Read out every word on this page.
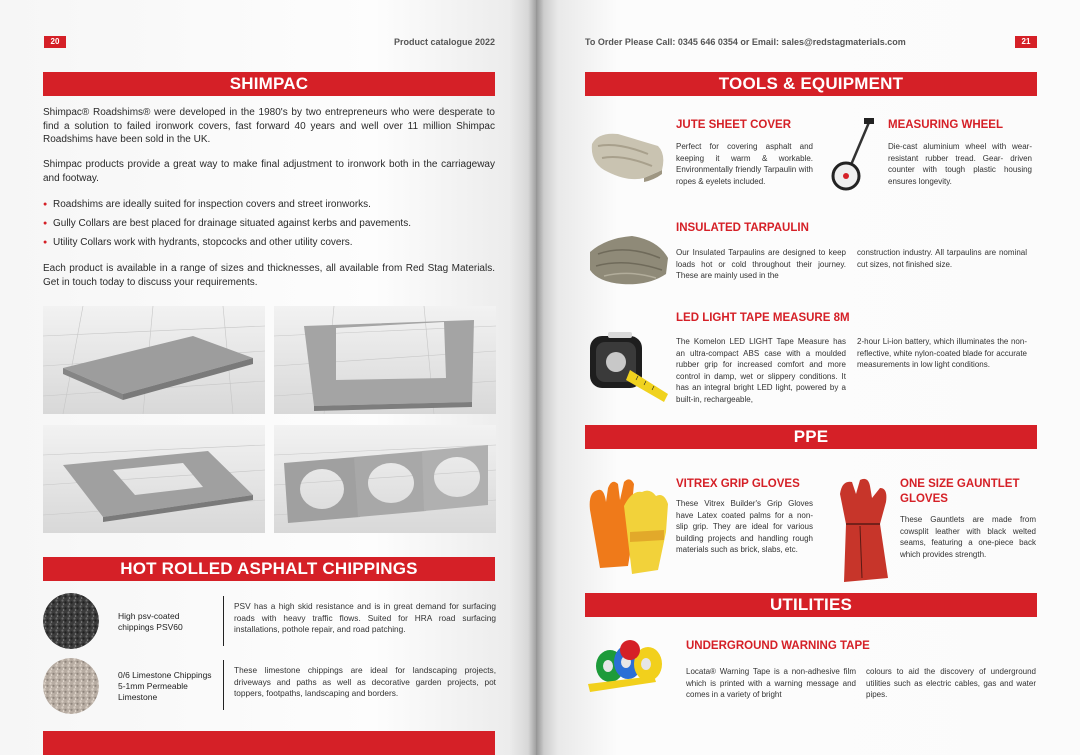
20	Product catalogue 2022
SHIMPAC
Shimpac® Roadshims® were developed in the 1980's by two entrepreneurs who were desperate to find a solution to failed ironwork covers, fast forward 40 years and well over 11 million Shimpac Roadshims have been sold in the UK.
Shimpac products provide a great way to make final adjustment to ironwork both in the carriageway and footway.
● Roadshims are ideally suited for inspection covers and street ironworks.
● Gully Collars are best placed for drainage situated against kerbs and pavements.
● Utility Collars work with hydrants, stopcocks and other utility covers.
Each product is available in a range of sizes and thicknesses, all available from Red Stag Materials. Get in touch today to discuss your requirements.
HOT ROLLED ASPHALT CHIPPINGS
High psv-coated chippings PSV60
PSV has a high skid resistance and is in great demand for surfacing roads with heavy traffic flows. Suited for HRA road surfacing installations, pothole repair, and road patching.
0/6 Limestone Chippings 5-1mm Permeable Limestone
These limestone chippings are ideal for landscaping projects, driveways and paths as well as decorative garden projects, pot toppers, footpaths, landscaping and borders.
To Order Please Call: 0345 646 0354 or Email: sales@redstagmaterials.com	21
TOOLS & EQUIPMENT
JUTE SHEET COVER
Perfect for covering asphalt and keeping it warm & workable. Environmentally friendly Tarpaulin with ropes & eyelets included.
MEASURING WHEEL
Die-cast aluminium wheel with wear-resistant rubber tread. Gear- driven counter with tough plastic housing ensures longevity.
INSULATED TARPAULIN
Our Insulated Tarpaulins are designed to keep loads hot or cold throughout their journey. These are mainly used in the
construction industry. All tarpaulins are nominal cut sizes, not finished size.
LED LIGHT TAPE MEASURE 8M
The Komelon LED LIGHT Tape Measure has an ultra-compact ABS case with a moulded rubber grip for increased comfort and more control in damp, wet or slippery conditions. It has an integral bright LED light, powered by a built-in, rechargeable,
2-hour Li-ion battery, which illuminates the non-reflective, white nylon-coated blade for accurate measurements in low light conditions.
PPE
VITREX GRIP GLOVES
These Vitrex Builder's Grip Gloves have Latex coated palms for a non-slip grip. They are ideal for various building projects and handling rough materials such as brick, slabs, etc.
ONE SIZE GAUNTLET
GLOVES
These Gauntlets are made from cowsplit leather with black welted seams, featuring a one-piece back which provides strength.
UTILITIES
UNDERGROUND WARNING TAPE
Locata® Warning Tape is a non-adhesive film which is printed with a warning message and comes in a variety of bright
colours to aid the discovery of underground utilities such as electric cables, gas and water pipes.
